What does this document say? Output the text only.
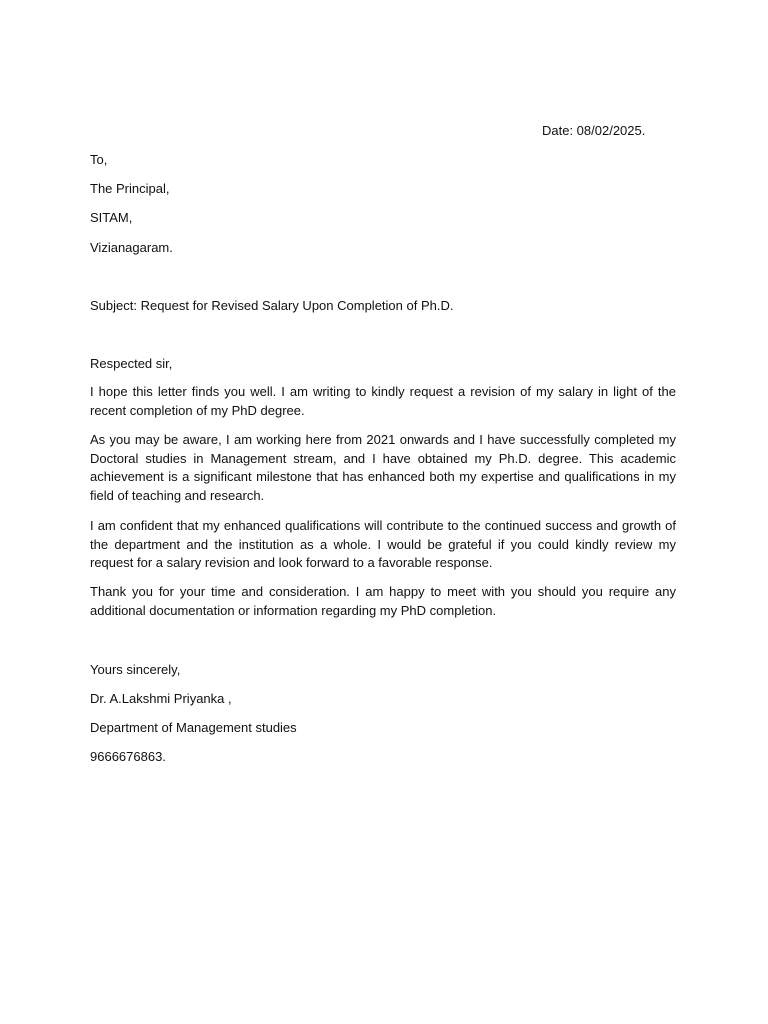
Date: 08/02/2025.
To,
The Principal,
SITAM,
Vizianagaram.
Subject: Request for Revised Salary Upon Completion of Ph.D.
Respected sir,

I hope this letter finds you well. I am writing to kindly request a revision of my salary in light of the recent completion of my PhD degree.

As you may be aware, I am working here from 2021 onwards and I have successfully completed my Doctoral studies in Management stream, and I have obtained my Ph.D. degree. This academic achievement is a significant milestone that has enhanced both my expertise and qualifications in my field of teaching and research.

I am confident that my enhanced qualifications will contribute to the continued success and growth of the department and the institution as a whole. I would be grateful if you could kindly review my request for a salary revision and look forward to a favorable response.

Thank you for your time and consideration. I am happy to meet with you should you require any additional documentation or information regarding my PhD completion.

Yours sincerely,
Dr. A.Lakshmi Priyanka ,
Department of Management studies
9666676863.
